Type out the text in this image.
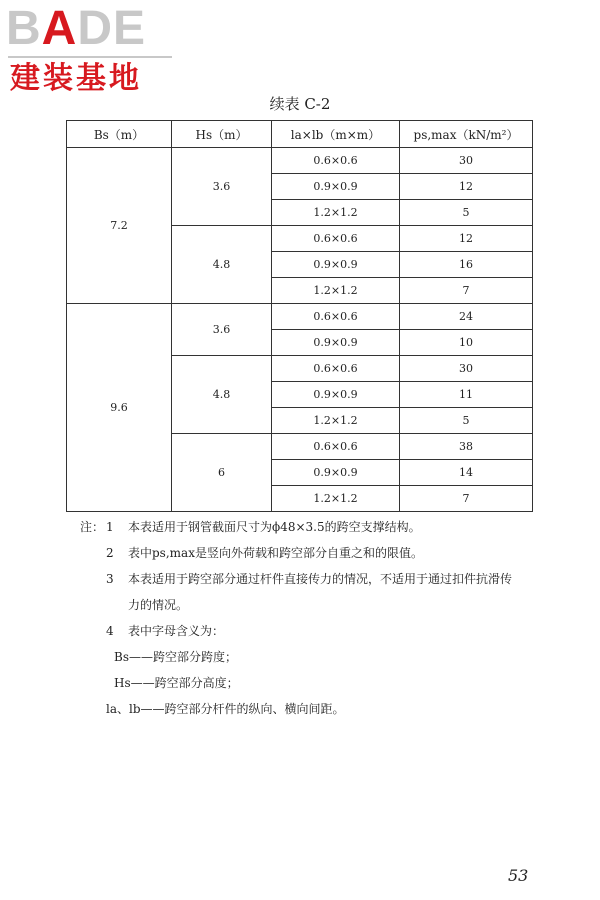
BADE
建装基地
续表 C-2
Bs（m）	Hs（m）	la×lb（m×m）	ps,max（kN/m²）
7.2	3.6	0.6×0.6	30
		0.9×0.9	12
		1.2×1.2	5
	4.8	0.6×0.6	12
		0.9×0.9	16
		1.2×1.2	7
9.6	3.6	0.6×0.6	24
		0.9×0.9	10
	4.8	0.6×0.6	30
		0.9×0.9	11
		1.2×1.2	5
	6	0.6×0.6	38
		0.9×0.9	14
		1.2×1.2	7
注： 1 本表适用于钢管截面尺寸为ϕ48×3.5的跨空支撑结构。
2 表中ps,max是竖向外荷载和跨空部分自重之和的限值。
3 本表适用于跨空部分通过杆件直接传力的情况，不适用于通过扣件抗滑传
力的情况。
4 表中字母含义为：
Bs——跨空部分跨度；
Hs——跨空部分高度；
la、lb——跨空部分杆件的纵向、横向间距。
53
